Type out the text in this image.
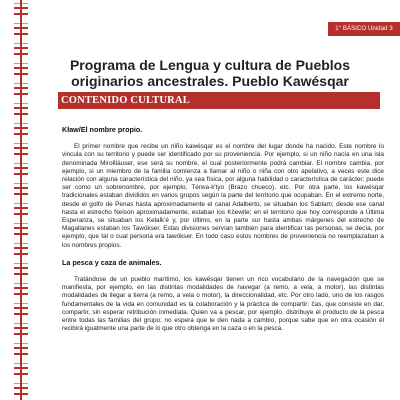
1° BÁSICO Unidad 3
Programa de Lengua y cultura de Pueblos originarios ancestrales. Pueblo Kawésqar
CONTENIDO CULTURAL
Kław/El nombre propio.

El primer nombre que recibe un niño kawésqar es el nombre del lugar donde ha nacido. Este nombre lo vincula con su territorio y puede ser identificado por su proveniencia. Por ejemplo, si un niño nacía en una isla denominada Mirok̓láuser, ese será su nombre, el cual posteriormente podrá cambiar. El nombre cambia, por ejemplo, si un miembro de la familia comienza a llamar al niño o niña con otro apelativo, a veces este dice relación con alguna característica del niño, ya sea física, por alguna habilidad o característica de carácter; puede ser como un sobrenombre, por ejemplo, Térwa-k'tyo (Brazo chueco), etc. Por otra parte, los kawésqar tradicionales estaban divididos en varios grupos según la parte del territorio que ocupaban. En el extremo norte, desde el golfo de Penas hasta aproximadamente el canal Adalberto, se situaban los Sablam; desde ese canal hasta el estrecho Nelson aproximadamente, estaban los Kčewite; en el territorio que hoy corresponde a Última Esperanza, se situaban los Kelalk'é y, por último, en la parte sur hasta ambas márgenes del estrecho de Magallanes estaban los Tawókser. Estas divisiones servían también para identificar las personas, se decía, por ejemplo, que tal o cual persona era tawókser. En todo caso estos nombres de proveniencia no reemplazaban a los nombres propios.

La pesca y caza de animales.

Tratándose de un pueblo marítimo, los kawésqar tienen un rico vocabulario de la navegación que se manifiesta, por ejemplo, en las distintas modalidades de navegar (a remo, a vela, a motor), las distintas modalidades de llegar a tierra (a remo, a vela o motor), la direccionalidad, etc. Por otro lado, uno de los rasgos fundamentales de la vida en comunidad es la colaboración y la práctica de compartir: čas, que consiste en dar, compartir, sin esperar retribución inmediata. Quien va a pescar, por ejemplo, distribuye el producto de la pesca entre todas las familias del grupo; no espera que le den nada a cambio, porque sabe que en otra ocasión él recibirá igualmente una parte de lo que otro obtenga en la caza o en la pesca.
